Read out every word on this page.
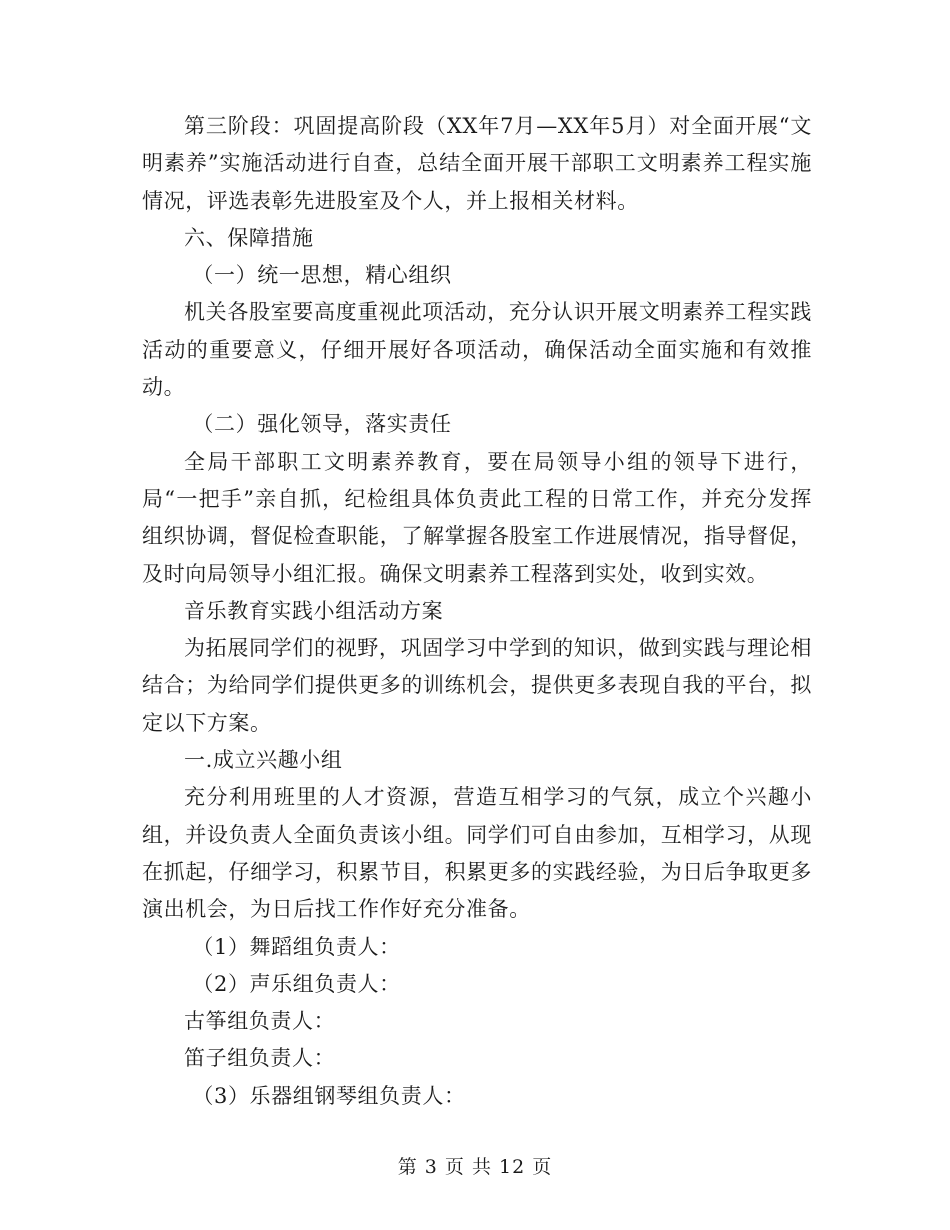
第三阶段：巩固提高阶段（XX年7月—XX年5月）对全面开展“文明素养”实施活动进行自查，总结全面开展干部职工文明素养工程实施情况，评选表彰先进股室及个人，并上报相关材料。

六、保障措施

（一）统一思想，精心组织

机关各股室要高度重视此项活动，充分认识开展文明素养工程实践活动的重要意义，仔细开展好各项活动，确保活动全面实施和有效推动。

（二）强化领导，落实责任

全局干部职工文明素养教育，要在局领导小组的领导下进行，局“一把手”亲自抓，纪检组具体负责此工程的日常工作，并充分发挥组织协调，督促检查职能，了解掌握各股室工作进展情况，指导督促，及时向局领导小组汇报。确保文明素养工程落到实处，收到实效。

音乐教育实践小组活动方案

为拓展同学们的视野，巩固学习中学到的知识，做到实践与理论相结合；为给同学们提供更多的训练机会，提供更多表现自我的平台，拟定以下方案。

一.成立兴趣小组

充分利用班里的人才资源，营造互相学习的气氛，成立个兴趣小组，并设负责人全面负责该小组。同学们可自由参加，互相学习，从现在抓起，仔细学习，积累节目，积累更多的实践经验，为日后争取更多演出机会，为日后找工作作好充分准备。

（1）舞蹈组负责人：

（2）声乐组负责人：

古筝组负责人：

笛子组负责人：

（3）乐器组钢琴组负责人：

第 3 页 共 12 页
